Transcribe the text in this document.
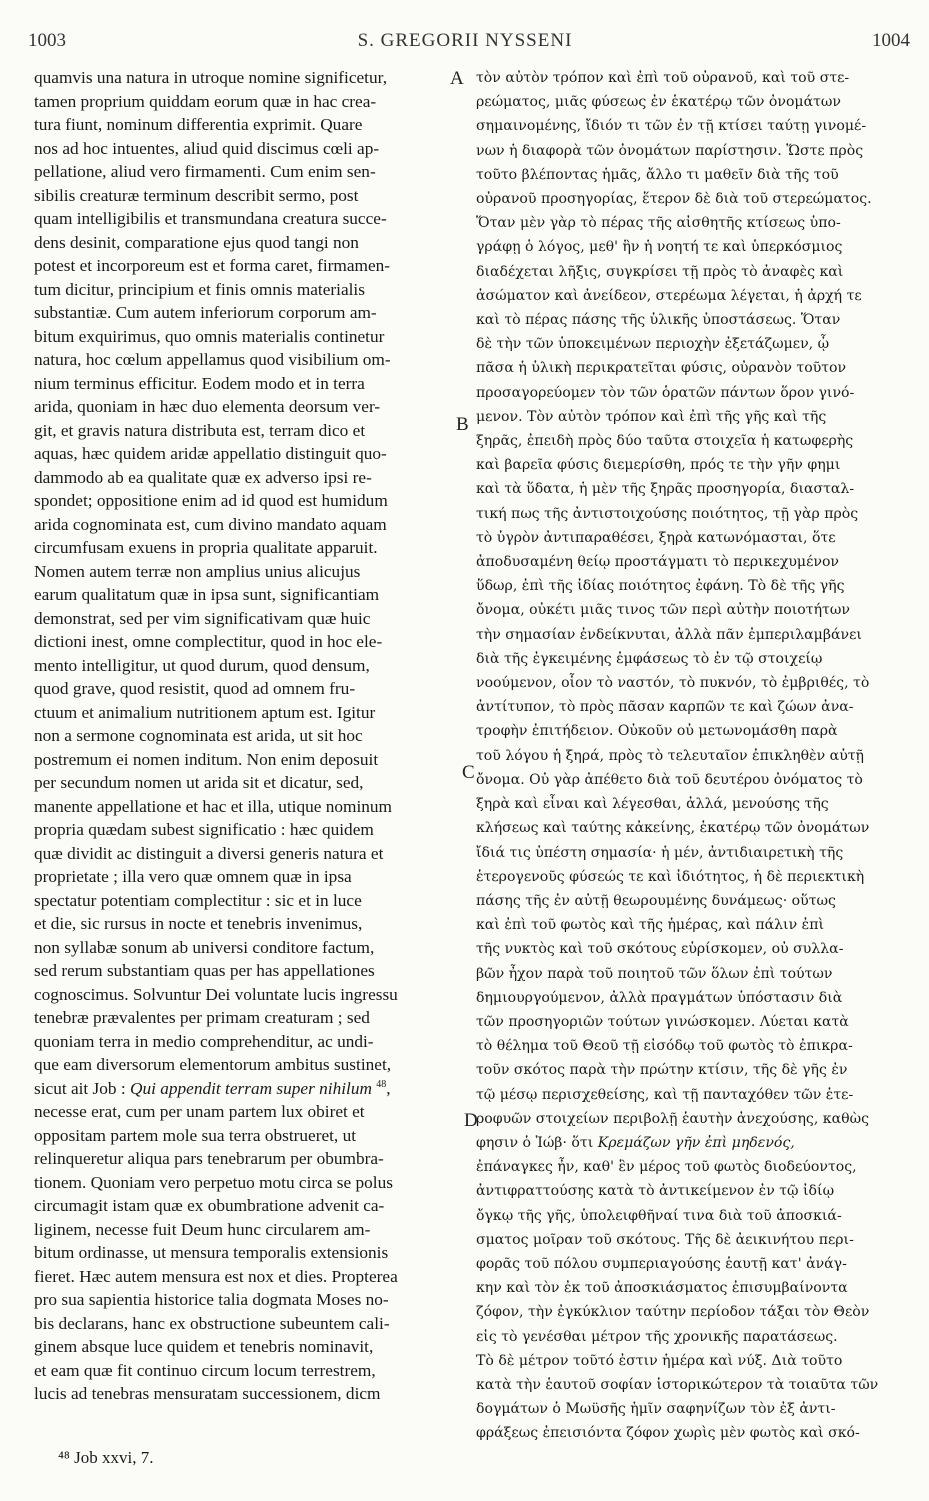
1003	S. GREGORII NYSSENI	1004
quamvis una natura in utroque nomine significetur,
tamen proprium quiddam eorum quæ in hac crea-
tura fiunt, nominum differentia exprimit. Quare
nos ad hoc intuentes, aliud quid discimus cœli ap-
pellatione, aliud vero firmamenti. Cum enim sen-
sibilis creaturæ terminum describit sermo, post
quam intelligibilis et transmundana creatura succe-
dens desinit, comparatione ejus quod tangi non
potest et incorporeum est et forma caret, firmamen-
tum dicitur, principium et finis omnis materialis
substantiæ. Cum autem inferiorum corporum am-
bitum exquirimus, quo omnis materialis continetur
natura, hoc cœlum appellamus quod visibilium om-
nium terminus efficitur. Eodem modo et in terra
arida, quoniam in hæc duo elementa deorsum ver-
git, et gravis natura distributa est, terram dico et
aquas, hæc quidem aridæ appellatio distinguit quo-
dammodo ab ea qualitate quæ ex adverso ipsi re-
spondet; oppositione enim ad id quod est humidum
arida cognominata est, cum divino mandato aquam
circumfusam exuens in propria qualitate apparuit.
Nomen autem terræ non amplius unius alicujus
earum qualitatum quæ in ipsa sunt, significantiam
demonstrat, sed per vim significativam quæ huic
dictioni inest, omne complectitur, quod in hoc ele-
mento intelligitur, ut quod durum, quod densum,
quod grave, quod resistit, quod ad omnem fru-
ctuum et animalium nutritionem aptum est. Igitur
non a sermone cognominata est arida, ut sit hoc
postremum ei nomen inditum. Non enim deposuit
per secundum nomen ut arida sit et dicatur, sed,
manente appellatione et hac et illa, utique nominum
propria quædam subest significatio : hæc quidem
quæ dividit ac distinguit a diversi generis natura et
proprietate ; illa vero quæ omnem quæ in ipsa
spectatur potentiam complectitur : sic et in luce
et die, sic rursus in nocte et tenebris invenimus,
non syllabæ sonum ab universi conditore factum,
sed rerum substantiam quas per has appellationes
cognoscimus. Solvuntur Dei voluntate lucis ingressu
tenebræ prævalentes per primam creaturam ; sed
quoniam terra in medio comprehenditur, ac undi-
que eam diversorum elementorum ambitus sustinet,
sicut ait Job : Qui appendit terram super nihilum $^{48}$,
necesse erat, cum per unam partem lux obiret et
oppositam partem mole sua terra obstrueret, ut
relinqueretur aliqua pars tenebrarum per obumbra-
tionem. Quoniam vero perpetuo motu circa se polus
circumagit istam quæ ex obumbratione advenit ca-
liginem, necesse fuit Deum hunc circularem am-
bitum ordinasse, ut mensura temporalis extensionis
fieret. Hæc autem mensura est nox et dies. Propterea
pro sua sapientia historice talia dogmata Moses no-
bis declarans, hanc ex obstructione subeuntem cali-
ginem absque luce quidem et tenebris nominavit,
et eam quæ fit continuo circum locum terrestrem,
lucis ad tenebras mensuratam successionem, dicm
τὸν αὐτὸν τρόπον καὶ ἐπὶ τοῦ οὐρανοῦ, καὶ τοῦ στε-
ρεώματος, μιᾶς φύσεως ἐν ἑκατέρῳ τῶν ὀνομάτων
σημαινομένης, ἴδιόν τι τῶν ἐν τῇ κτίσει ταύτῃ γινομέ-
νων ἡ διαφορὰ τῶν ὀνομάτων παρίστησιν. Ὥστε πρὸς
τοῦτο βλέποντας ἡμᾶς, ἄλλο τι μαθεῖν διὰ τῆς τοῦ
οὐρανοῦ προσηγορίας, ἕτερον δὲ διὰ τοῦ στερεώματος.
Ὅταν μὲν γὰρ τὸ πέρας τῆς αἰσθητῆς κτίσεως ὑπο-
γράφῃ ὁ λόγος, μεθ' ἣν ἡ νοητή τε καὶ ὑπερκόσμιος
διαδέχεται λῆξις, συγκρίσει τῇ πρὸς τὸ ἀναφὲς καὶ
ἀσώματον καὶ ἀνείδεον, στερέωμα λέγεται, ἡ ἀρχή τε
καὶ τὸ πέρας πάσης τῆς ὑλικῆς ὑποστάσεως. Ὅταν
δὲ τὴν τῶν ὑποκειμένων περιοχὴν ἐξετάζωμεν, ᾧ
πᾶσα ἡ ὑλικὴ περικρατεῖται φύσις, οὐρανὸν τοῦτον
προσαγορεύομεν τὸν τῶν ὁρατῶν πάντων ὅρον γινό-
μενον. Τὸν αὐτὸν τρόπον καὶ ἐπὶ τῆς γῆς καὶ τῆς
ξηρᾶς, ἐπειδὴ πρὸς δύο ταῦτα στοιχεῖα ἡ κατωφερὴς
καὶ βαρεῖα φύσις διεμερίσθη, πρός τε τὴν γῆν φημι
καὶ τὰ ὕδατα, ἡ μὲν τῆς ξηρᾶς προσηγορία, διασταλ-
τική πως τῆς ἀντιστοιχούσης ποιότητος, τῇ γὰρ πρὸς
τὸ ὑγρὸν ἀντιπαραθέσει, ξηρὰ κατωνόμασται, ὅτε
ἀποδυσαμένη θείῳ προστάγματι τὸ περικεχυμένον
ὕδωρ, ἐπὶ τῆς ἰδίας ποιότητος ἐφάνη. Τὸ δὲ τῆς γῆς
ὄνομα, οὐκέτι μιᾶς τινος τῶν περὶ αὐτὴν ποιοτήτων
τὴν σημασίαν ἐνδείκνυται, ἀλλὰ πᾶν ἐμπεριλαμβάνει
διὰ τῆς ἐγκειμένης ἐμφάσεως τὸ ἐν τῷ στοιχείῳ
νοούμενον, οἷον τὸ ναστόν, τὸ πυκνόν, τὸ ἐμβριθές, τὸ
ἀντίτυπον, τὸ πρὸς πᾶσαν καρπῶν τε καὶ ζώων ἀνα-
τροφὴν ἐπιτήδειον. Οὐκοῦν οὐ μετωνομάσθη παρὰ
τοῦ λόγου ἡ ξηρά, πρὸς τὸ τελευταῖον ἐπικληθὲν αὐτῇ
ὄνομα. Οὐ γὰρ ἀπέθετο διὰ τοῦ δευτέρου ὀνόματος τὸ
ξηρὰ καὶ εἶναι καὶ λέγεσθαι, ἀλλά, μενούσης τῆς
κλήσεως καὶ ταύτης κἀκείνης, ἑκατέρῳ τῶν ὀνομάτων
ἴδιά τις ὑπέστη σημασία· ἡ μέν, ἀντιδιαιρετικὴ τῆς
ἑτερογενοῦς φύσεώς τε καὶ ἰδιότητος, ἡ δὲ περιεκτικὴ
πάσης τῆς ἐν αὐτῇ θεωρουμένης δυνάμεως· οὕτως
καὶ ἐπὶ τοῦ φωτὸς καὶ τῆς ἡμέρας, καὶ πάλιν ἐπὶ
τῆς νυκτὸς καὶ τοῦ σκότους εὑρίσκομεν, οὐ συλλα-
βῶν ἦχον παρὰ τοῦ ποιητοῦ τῶν ὅλων ἐπὶ τούτων
δημιουργούμενον, ἀλλὰ πραγμάτων ὑπόστασιν διὰ
τῶν προσηγοριῶν τούτων γινώσκομεν. Λύεται κατὰ
τὸ θέλημα τοῦ Θεοῦ τῇ εἰσόδῳ τοῦ φωτὸς τὸ ἐπικρα-
τοῦν σκότος παρὰ τὴν πρώτην κτίσιν, τῆς δὲ γῆς ἐν
τῷ μέσῳ περισχεθείσης, καὶ τῇ πανταχόθεν τῶν ἑτε-
ροφυῶν στοιχείων περιβολῇ ἑαυτὴν ἀνεχούσης, καθὼς
φησιν ὁ Ἰώβ· ὅτι Κρεμάζων γῆν ἐπὶ μηδενός,
ἐπάναγκες ἦν, καθ' ἓν μέρος τοῦ φωτὸς διοδεύοντος,
ἀντιφραττούσης κατὰ τὸ ἀντικείμενον ἐν τῷ ἰδίῳ
ὄγκῳ τῆς γῆς, ὑπολειφθῆναί τινα διὰ τοῦ ἀποσκιά-
σματος μοῖραν τοῦ σκότους. Τῆς δὲ ἀεικινήτου περι-
φορᾶς τοῦ πόλου συμπεριαγούσης ἑαυτῇ κατ' ἀνάγ-
κην καὶ τὸν ἐκ τοῦ ἀποσκιάσματος ἐπισυμβαίνοντα
ζόφον, τὴν ἐγκύκλιον ταύτην περίοδον τάξαι τὸν Θεὸν
εἰς τὸ γενέσθαι μέτρον τῆς χρονικῆς παρατάσεως.
Τὸ δὲ μέτρον τοῦτό ἐστιν ἡμέρα καὶ νύξ. Διὰ τοῦτο
κατὰ τὴν ἑαυτοῦ σοφίαν ἱστορικώτερον τὰ τοιαῦτα τῶν
δογμάτων ὁ Μωϋσῆς ἡμῖν σαφηνίζων τὸν ἐξ ἀντι-
φράξεως ἐπεισιόντα ζόφον χωρὶς μὲν φωτὸς καὶ σκό-
A
B
C
D
⁴⁸ Job xxvi, 7.
